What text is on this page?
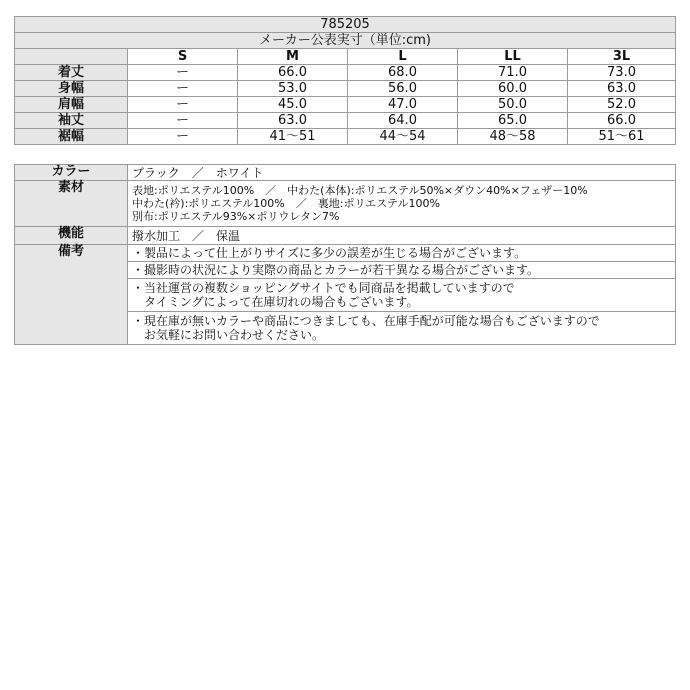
785205					
メーカー公表実寸（単位:cm)					
	S	M	L	LL	3L
着丈	ー	66.0	68.0	71.0	73.0
身幅	ー	53.0	56.0	60.0	63.0
肩幅	ー	45.0	47.0	50.0	52.0
袖丈	ー	63.0	64.0	65.0	66.0
裾幅	ー	41～51	44～54	48～58	51～61
カラー	ブラック　／　ホワイト
素材	表地:ポリエステル100%　／　中わた(本体):ポリエステル50%×ダウン40%×フェザー10%
中わた(衿):ポリエステル100%　／　裏地:ポリエステル100%
別布:ポリエステル93%×ポリウレタン7%

機能	撥水加工　／　保温
備考	・製品によって仕上がりサイズに多少の誤差が生じる場合がございます。

	・撮影時の状況により実際の商品とカラーが若干異なる場合がございます。

	・当社運営の複数ショッピングサイトでも同商品を掲載していますので
　タイミングによって在庫切れの場合もございます。

	・現在庫が無いカラーや商品につきましても、在庫手配が可能な場合もございますので
　お気軽にお問い合わせください。
